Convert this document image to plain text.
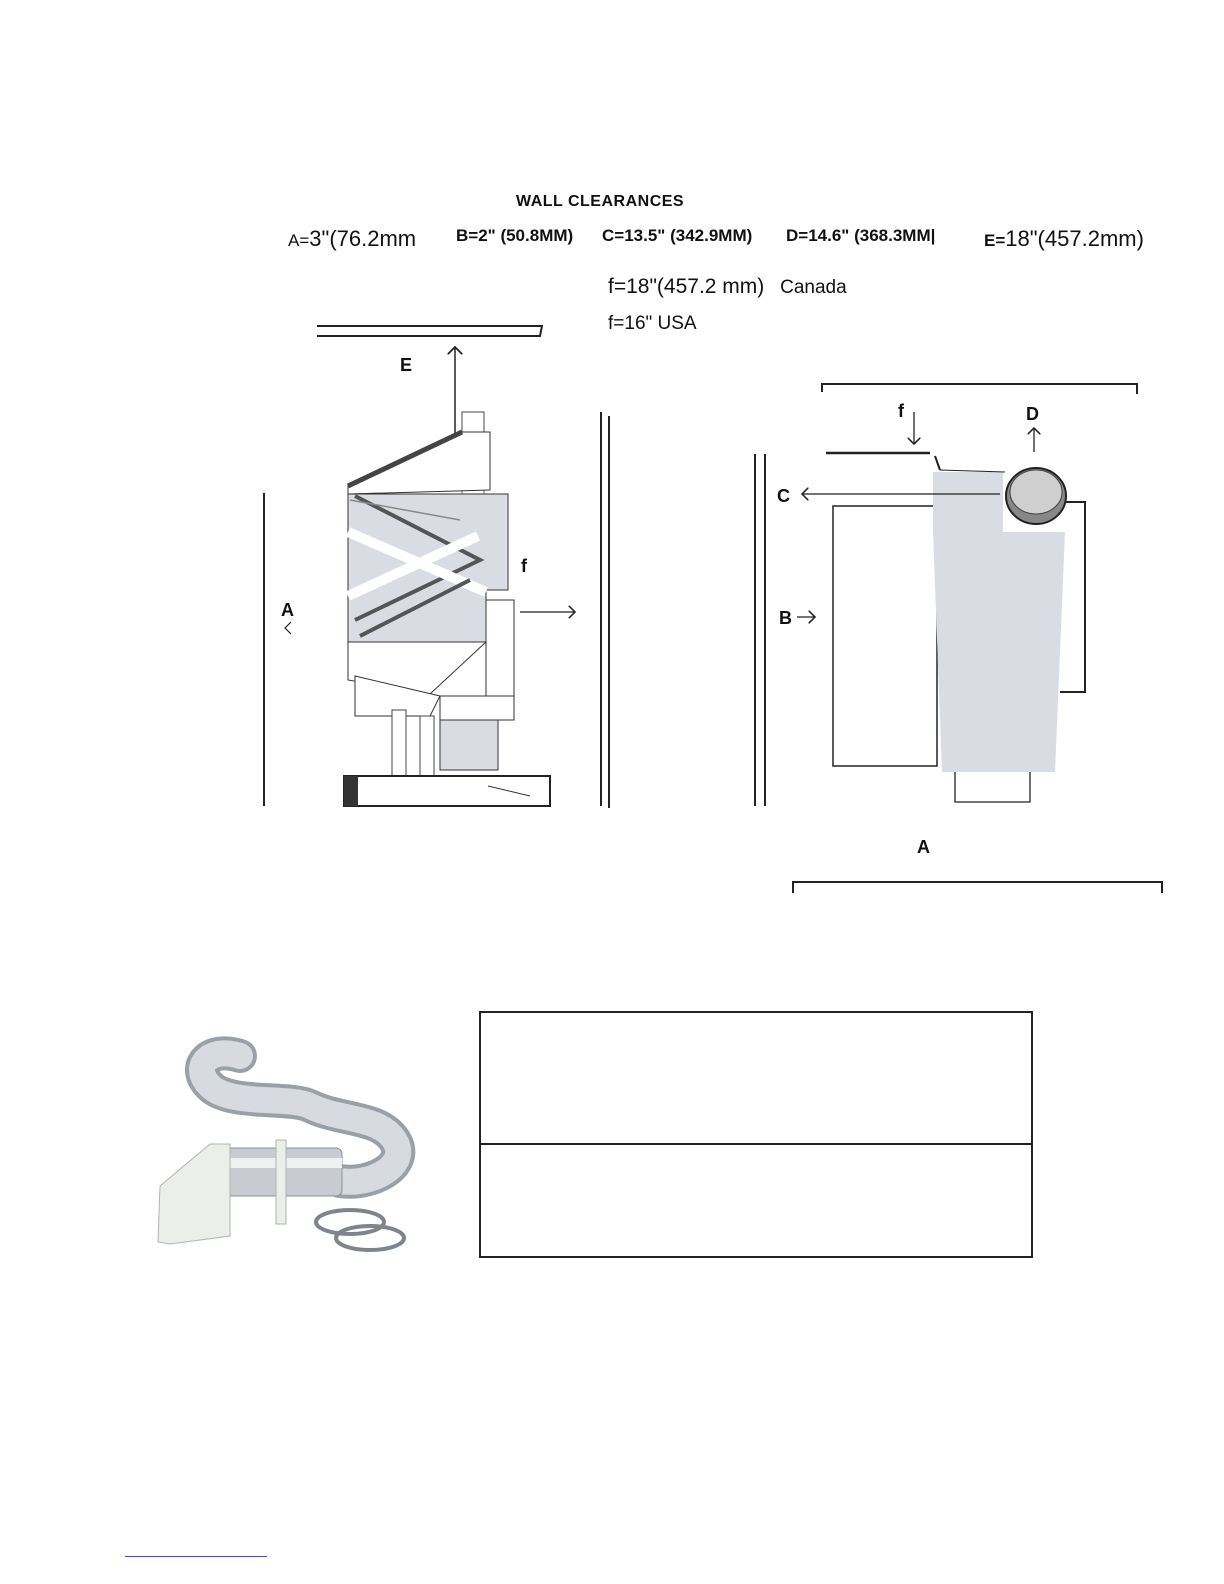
WALL CLEARANCES
A=3"(76.2mm B=2" (50.8MM) C=13.5" (342.9MM) D=14.6" (368.3MM|	E=18"(457.2mm)
f=18"(457.2 mm) Canada
f=16" USA
E
f
A
f	D
C
B
A
